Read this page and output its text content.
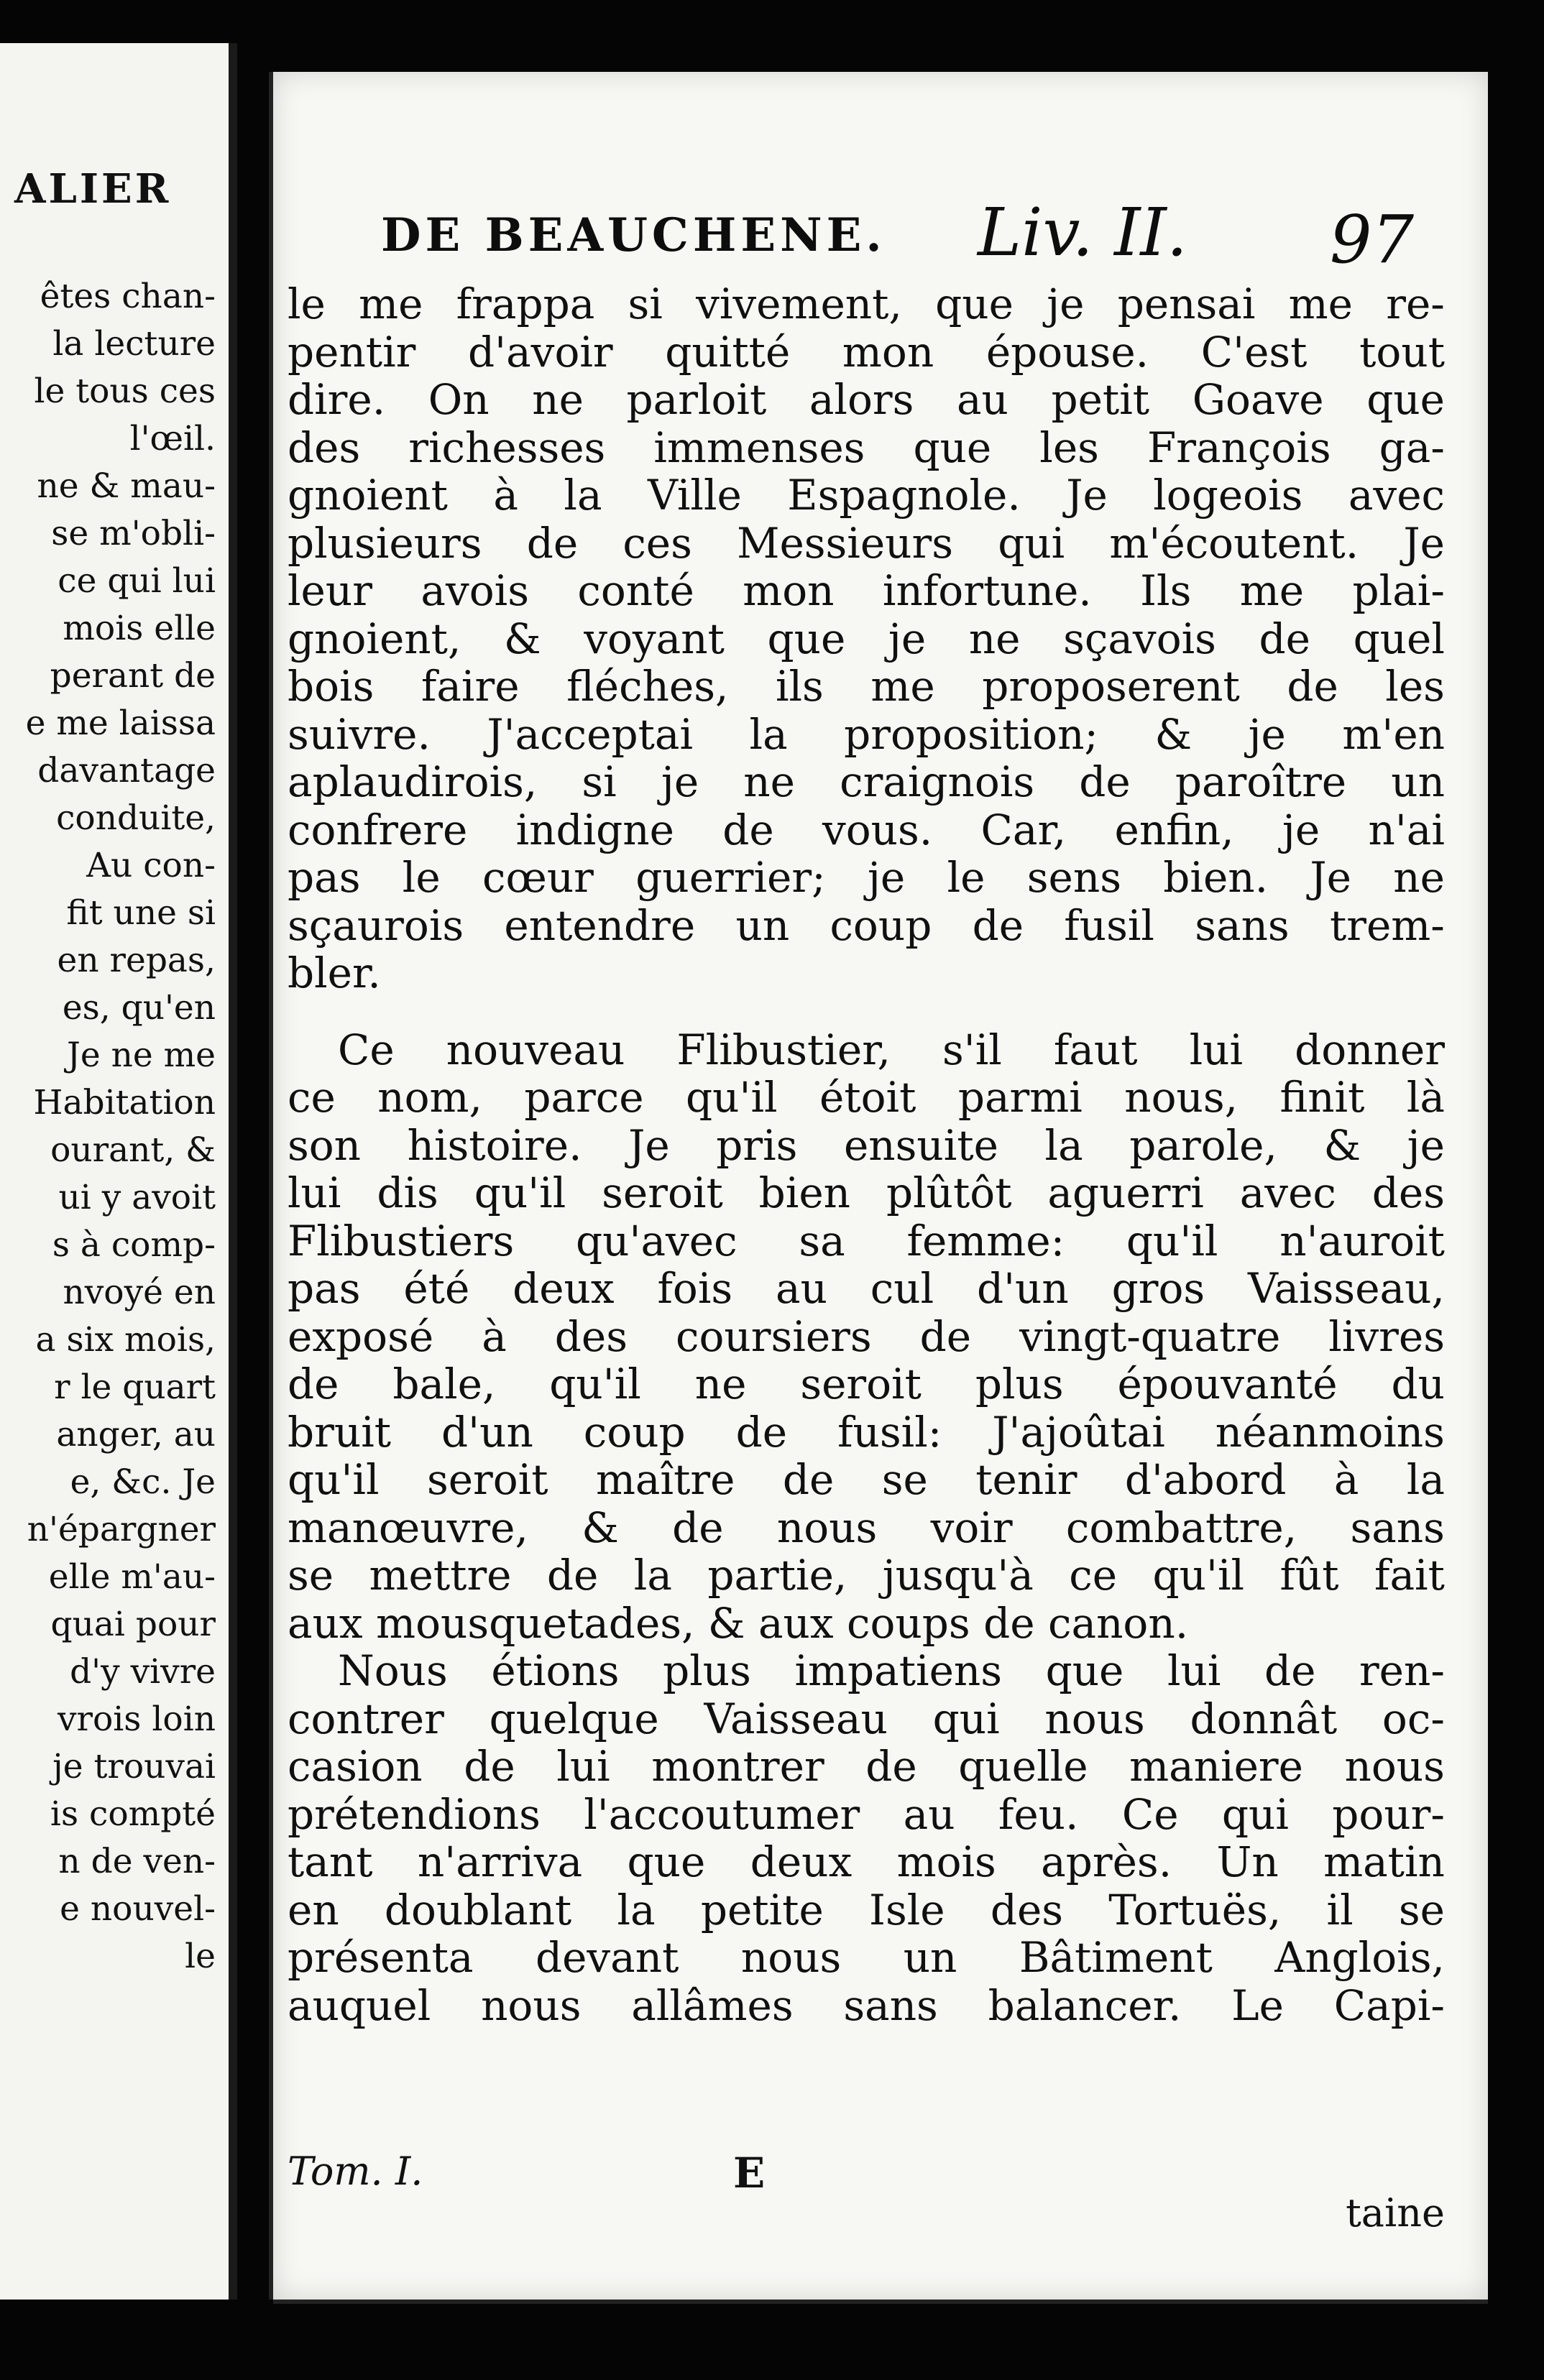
ALIER
êtes chan-
la lecture
le tous ces
l'œil.
ne & mau-
se m'obli-
ce qui lui
mois elle
perant de
e me laissa
davantage
conduite,
Au con-
fit une si
en repas,
es, qu'en
Je ne me
Habitation
ourant, &
ui y avoit
s à comp-
nvoyé en
a six mois,
r le quart
anger, au
e, &c. Je
n'épargner
elle m'au-
quai pour
d'y vivre
vrois loin
je trouvai
is compté
n de ven-
e nouvel-
le
DE BEAUCHENE. Liv. II. 97
le me frappa si vivement, que je pensai me re-
pentir d'avoir quitté mon épouse. C'est tout
dire. On ne parloit alors au petit Goave que
des richesses immenses que les François ga-
gnoient à la Ville Espagnole. Je logeois avec
plusieurs de ces Messieurs qui m'écoutent. Je
leur avois conté mon infortune. Ils me plai-
gnoient, & voyant que je ne sçavois de quel
bois faire fléches, ils me proposerent de les
suivre. J'acceptai la proposition; & je m'en
aplaudirois, si je ne craignois de paroître un
confrere indigne de vous. Car, enfin, je n'ai
pas le cœur guerrier; je le sens bien. Je ne
sçaurois entendre un coup de fusil sans trem-
bler.
Ce nouveau Flibustier, s'il faut lui donner
ce nom, parce qu'il étoit parmi nous, finit là
son histoire. Je pris ensuite la parole, & je
lui dis qu'il seroit bien plûtôt aguerri avec des
Flibustiers qu'avec sa femme: qu'il n'auroit
pas été deux fois au cul d'un gros Vaisseau,
exposé à des coursiers de vingt-quatre livres
de bale, qu'il ne seroit plus épouvanté du
bruit d'un coup de fusil: J'ajoûtai néanmoins
qu'il seroit maître de se tenir d'abord à la
manœuvre, & de nous voir combattre, sans
se mettre de la partie, jusqu'à ce qu'il fût fait
aux mousquetades, & aux coups de canon.
Nous étions plus impatiens que lui de ren-
contrer quelque Vaisseau qui nous donnât oc-
casion de lui montrer de quelle maniere nous
prétendions l'accoutumer au feu. Ce qui pour-
tant n'arriva que deux mois après. Un matin
en doublant la petite Isle des Tortuës, il se
présenta devant nous un Bâtiment Anglois,
auquel nous allâmes sans balancer. Le Capi-
Tom. I.	E
taine
